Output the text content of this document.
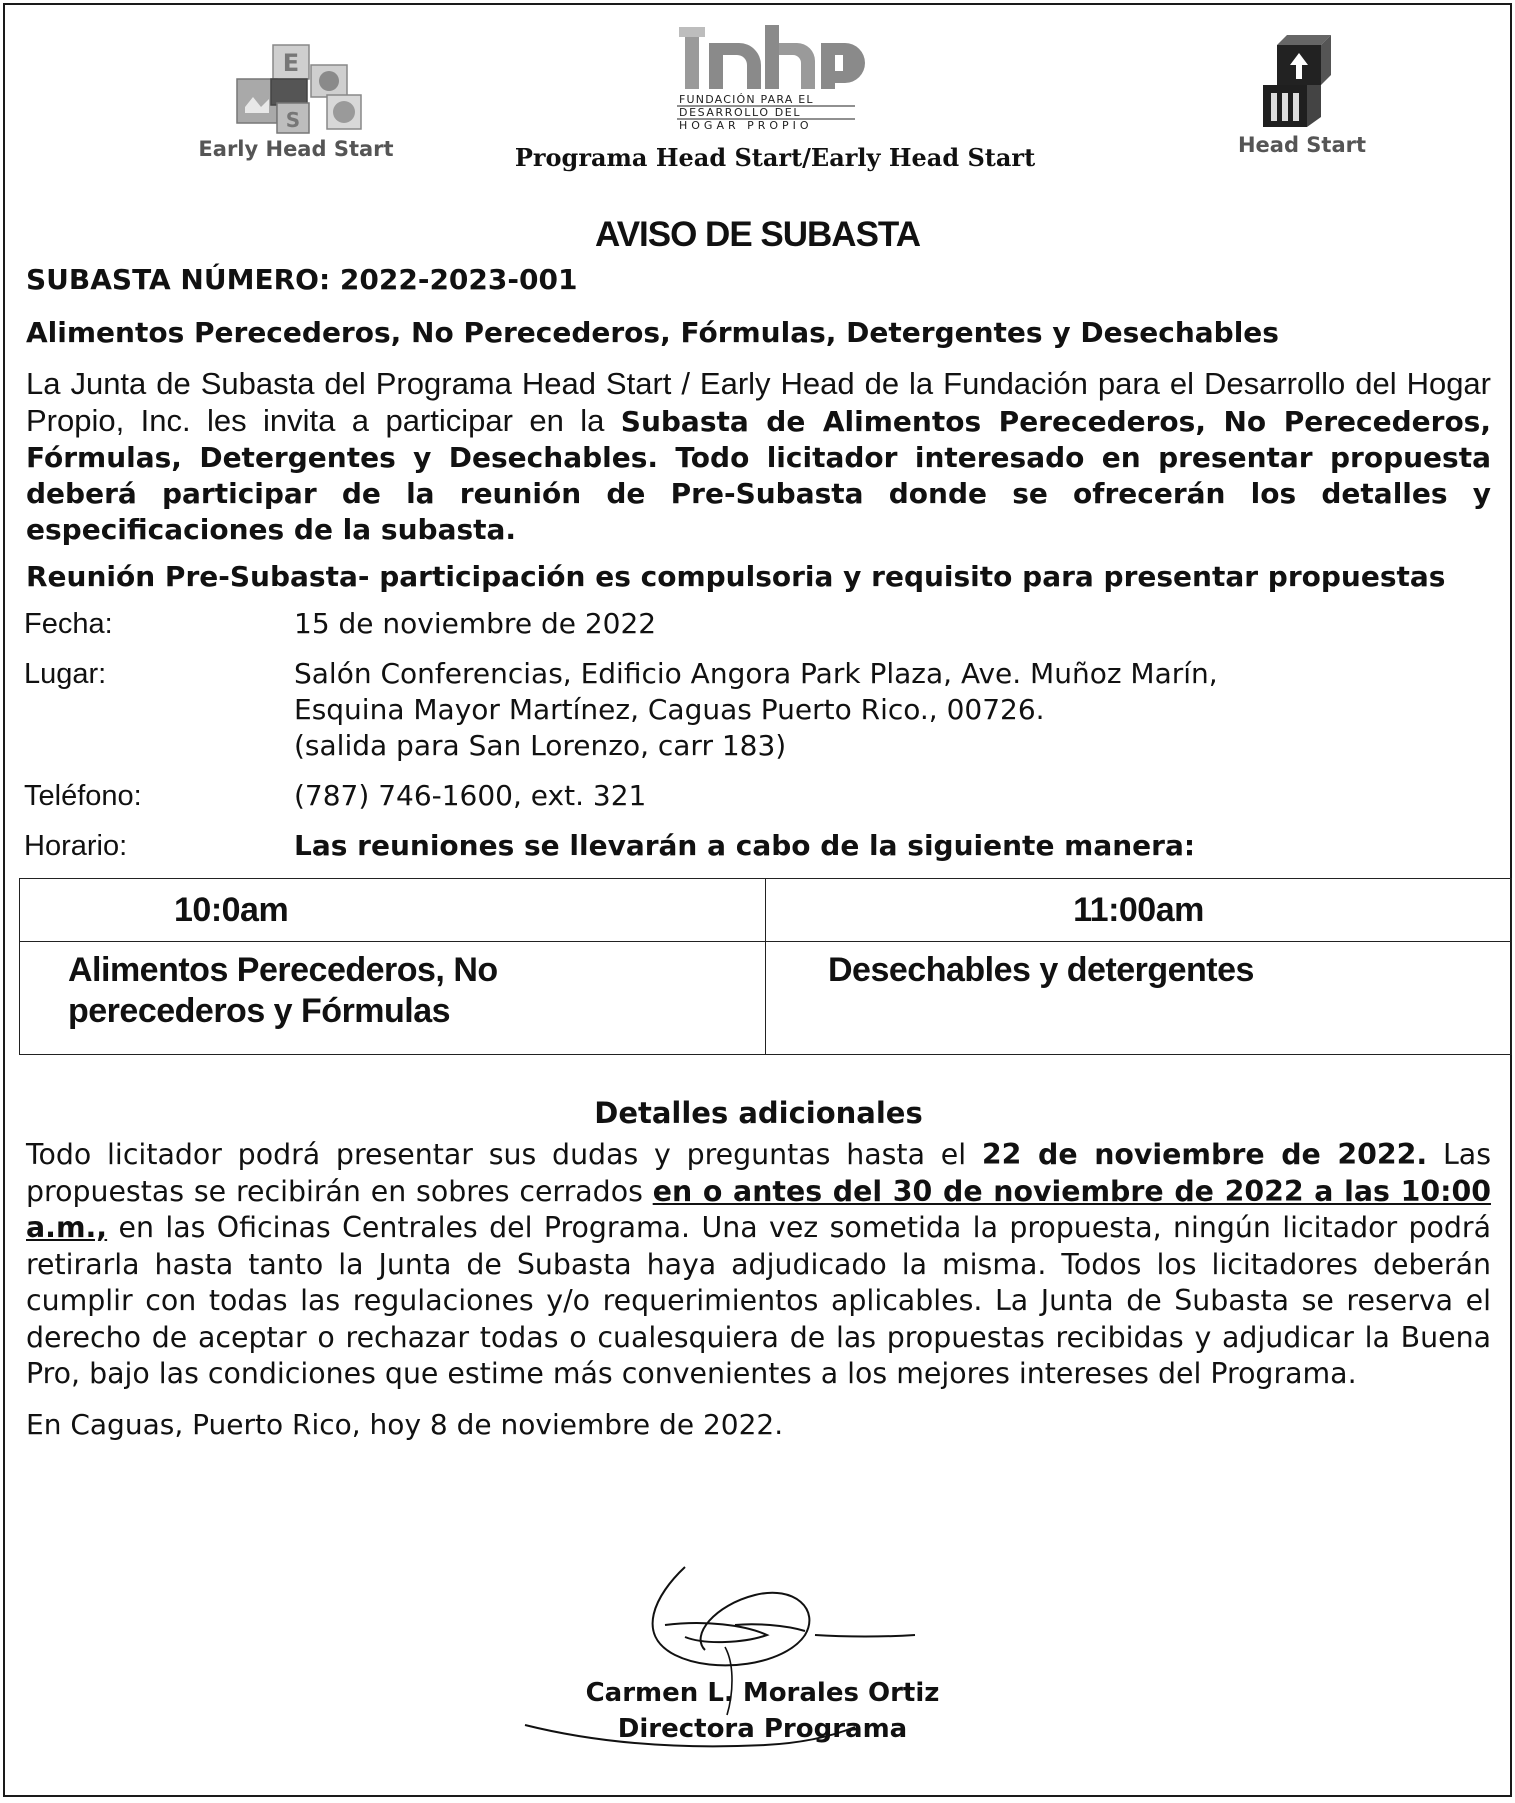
E
S
Early Head Start
FUNDACIÓN PARA EL
DESARROLLO DEL
HOGAR PROPIO
Programa Head Start/Early Head Start	Head Start
AVISO DE SUBASTA
SUBASTA NÚMERO: 2022-2023-001
Alimentos Perecederos, No Perecederos, Fórmulas, Detergentes y Desechables
La Junta de Subasta del Programa Head Start / Early Head de la Fundación para el Desarrollo del Hogar Propio, Inc. les invita a participar en la Subasta de Alimentos Perecederos, No Perecederos, Fórmulas, Detergentes y Desechables. Todo licitador interesado en presentar propuesta deberá participar de la reunión de Pre-Subasta donde se ofrecerán los detalles y especificaciones de la subasta.
Reunión Pre-Subasta- participación es compulsoria y requisito para presentar propuestas
Fecha:	15 de noviembre de 2022
Lugar:	Salón Conferencias, Edificio Angora Park Plaza, Ave. Muñoz Marín,
Esquina Mayor Martínez, Caguas Puerto Rico., 00726.
(salida para San Lorenzo, carr 183)
Teléfono:	(787) 746-1600, ext. 321
Horario:	Las reuniones se llevarán a cabo de la siguiente manera:
10:0am	11:00am

Alimentos Perecederos, No
perecederos y Fórmulas	Desechables y detergentes
Detalles adicionales
Todo licitador podrá presentar sus dudas y preguntas hasta el 22 de noviembre de 2022. Las propuestas se recibirán en sobres cerrados en o antes del 30 de noviembre de 2022 a las 10:00 a.m., en las Oficinas Centrales del Programa. Una vez sometida la propuesta, ningún licitador podrá retirarla hasta tanto la Junta de Subasta haya adjudicado la misma. Todos los licitadores deberán cumplir con todas las regulaciones y/o requerimientos aplicables. La Junta de Subasta se reserva el derecho de aceptar o rechazar todas o cualesquiera de las propuestas recibidas y adjudicar la Buena Pro, bajo las condiciones que estime más convenientes a los mejores intereses del Programa.
En Caguas, Puerto Rico, hoy 8 de noviembre de 2022.
Carmen L. Morales Ortiz
Directora Programa
